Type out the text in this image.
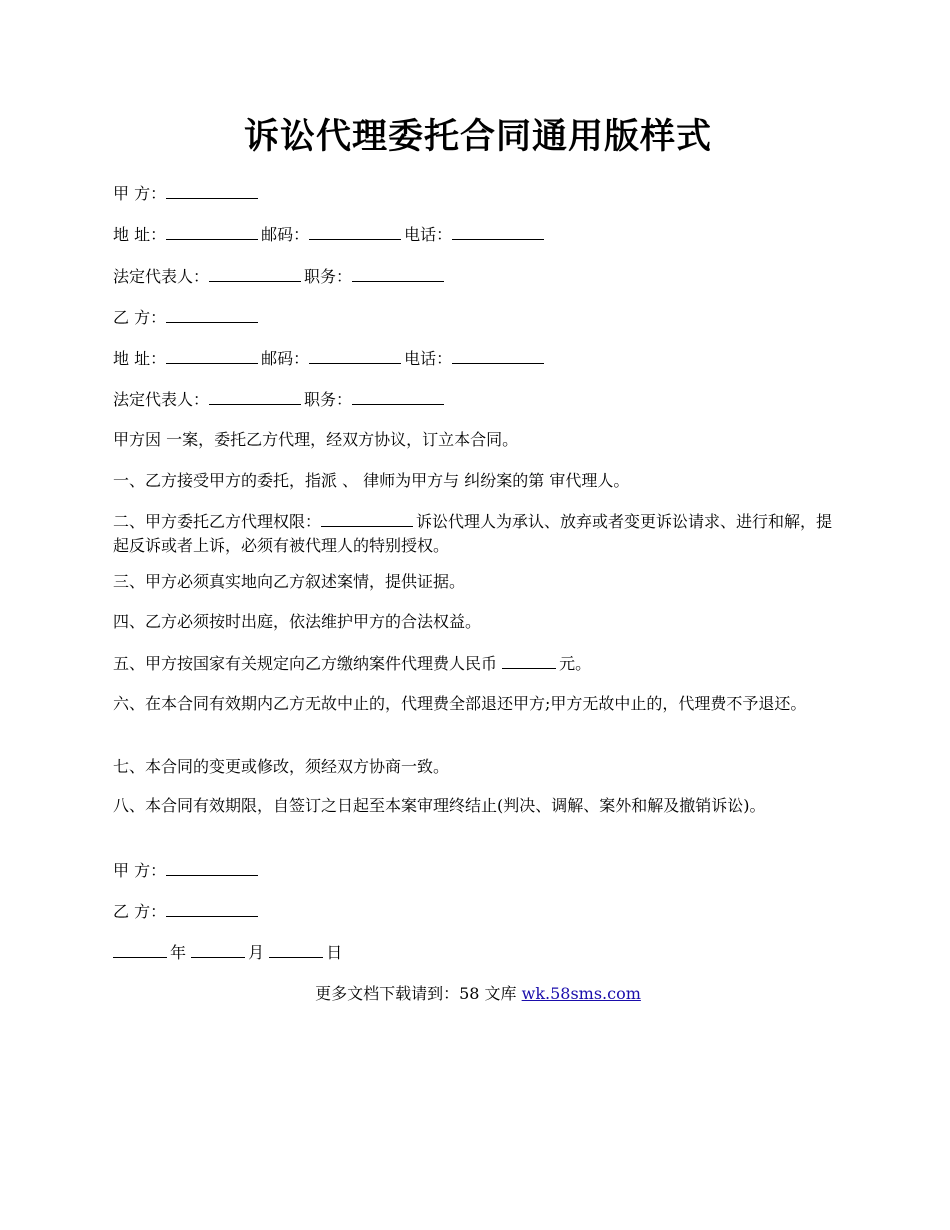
诉讼代理委托合同通用版样式

甲 方：

地 址：	邮码：	电话：

法定代表人：	职务：

乙 方：

地 址：	邮码：	电话：

法定代表人：	职务：

甲方因 一案，委托乙方代理，经双方协议，订立本合同。

一、乙方接受甲方的委托，指派 、 律师为甲方与 纠纷案的第 审代理人。

二、甲方委托乙方代理权限：	诉讼代理人为承认、放弃或者变更诉讼请求、进行和解，提起反诉或者上诉，必须有被代理人的特别授权。

三、甲方必须真实地向乙方叙述案情，提供证据。

四、乙方必须按时出庭，依法维护甲方的合法权益。

五、甲方按国家有关规定向乙方缴纳案件代理费人民币	元。

六、在本合同有效期内乙方无故中止的，代理费全部退还甲方;甲方无故中止的，代理费不予退还。

七、本合同的变更或修改，须经双方协商一致。

八、本合同有效期限，自签订之日起至本案审理终结止(判决、调解、案外和解及撤销诉讼)。

甲 方：

乙 方：

年	月	日

更多文档下载请到：58 文库 wk.58sms.com
